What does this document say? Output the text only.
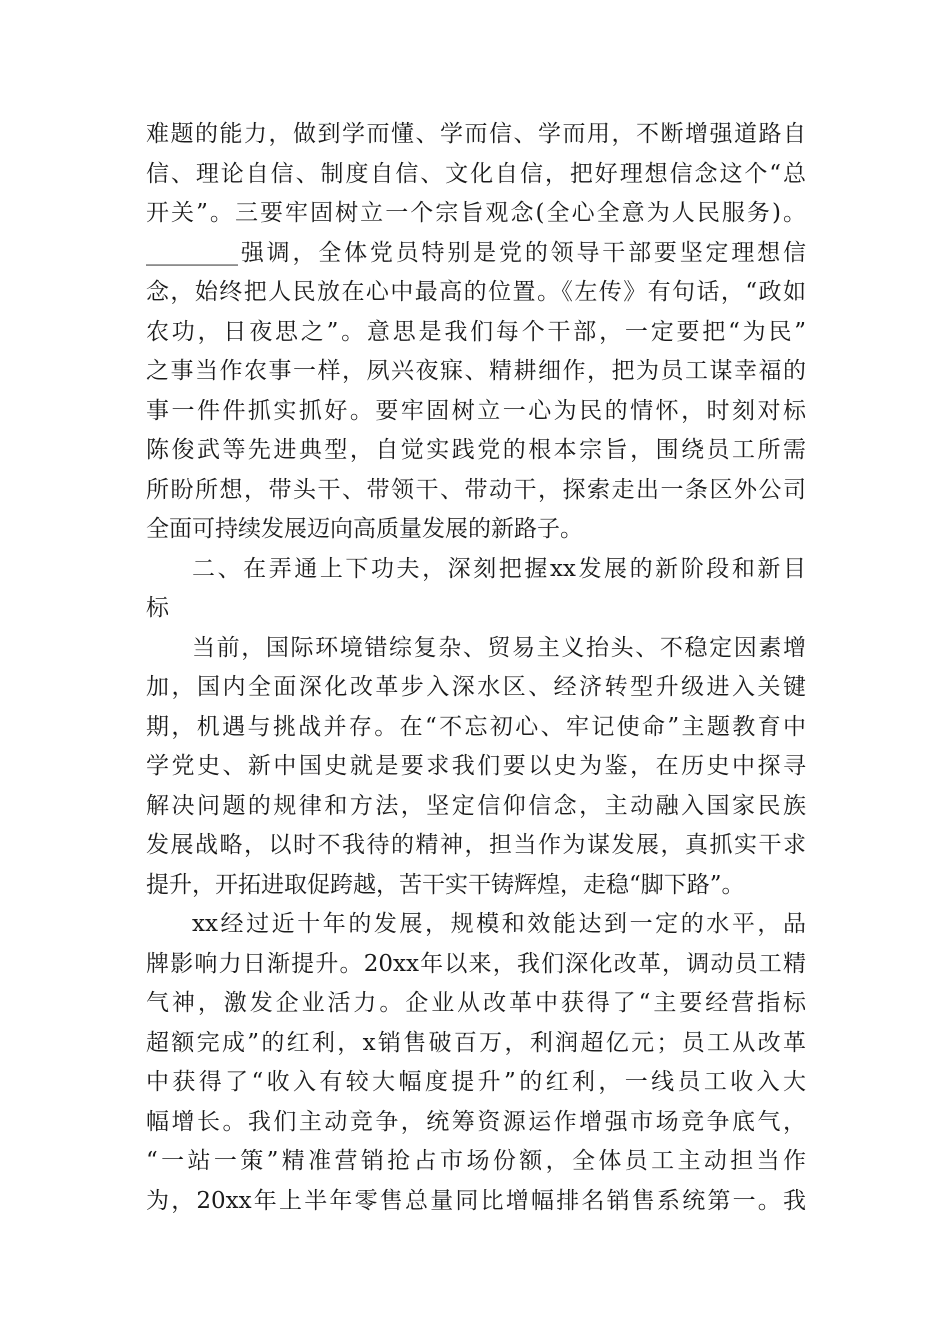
难题的能力，做到学而懂、学而信、学而用，不断增强道路自
信、理论自信、制度自信、文化自信，把好理想信念这个“总
开关”。三要牢固树立一个宗旨观念(全心全意为人民服务)。
________强调，全体党员特别是党的领导干部要坚定理想信
念，始终把人民放在心中最高的位置。《左传》有句话，“政如
农功，日夜思之”。意思是我们每个干部，一定要把“为民”
之事当作农事一样，夙兴夜寐、精耕细作，把为员工谋幸福的
事一件件抓实抓好。要牢固树立一心为民的情怀，时刻对标
陈俊武等先进典型，自觉实践党的根本宗旨，围绕员工所需
所盼所想，带头干、带领干、带动干，探索走出一条区外公司
全面可持续发展迈向高质量发展的新路子。
二、在弄通上下功夫，深刻把握xx发展的新阶段和新目
标
当前，国际环境错综复杂、贸易主义抬头、不稳定因素增
加，国内全面深化改革步入深水区、经济转型升级进入关键
期，机遇与挑战并存。在“不忘初心、牢记使命”主题教育中
学党史、新中国史就是要求我们要以史为鉴，在历史中探寻
解决问题的规律和方法，坚定信仰信念，主动融入国家民族
发展战略，以时不我待的精神，担当作为谋发展，真抓实干求
提升，开拓进取促跨越，苦干实干铸辉煌，走稳“脚下路”。
xx经过近十年的发展，规模和效能达到一定的水平，品
牌影响力日渐提升。20xx年以来，我们深化改革，调动员工精
气神，激发企业活力。企业从改革中获得了“主要经营指标
超额完成”的红利，x销售破百万，利润超亿元；员工从改革
中获得了“收入有较大幅度提升”的红利，一线员工收入大
幅增长。我们主动竞争，统筹资源运作增强市场竞争底气，
“一站一策”精准营销抢占市场份额，全体员工主动担当作
为，20xx年上半年零售总量同比增幅排名销售系统第一。我
